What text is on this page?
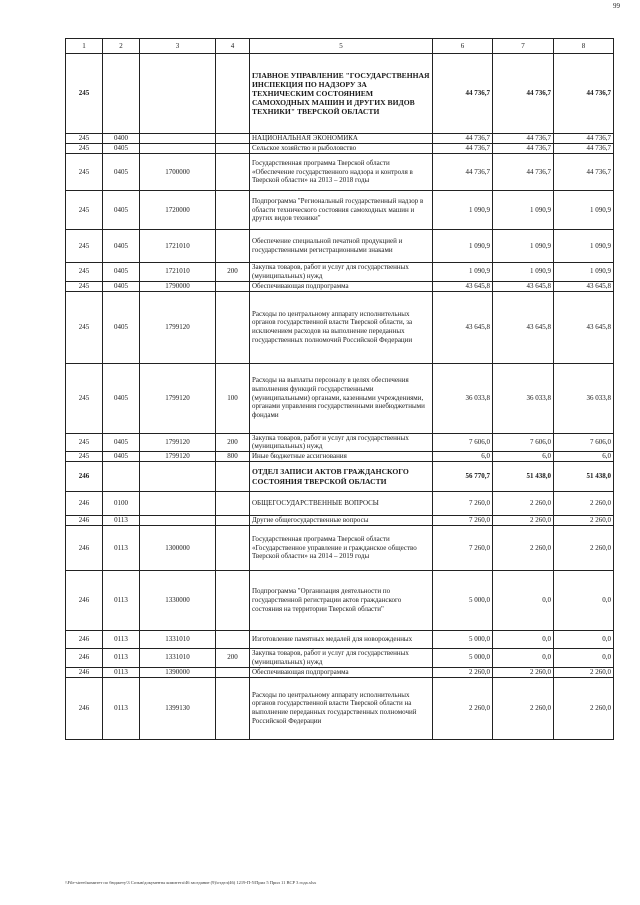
99
1	2	3	4	5	6	7	8
245				ГЛАВНОЕ УПРАВЛЕНИЕ "ГОСУДАРСТВЕННАЯ ИНСПЕКЦИЯ ПО НАДЗОРУ ЗА ТЕХНИЧЕСКИМ СОСТОЯНИЕМ САМОХОДНЫХ МАШИН И ДРУГИХ ВИДОВ ТЕХНИКИ" ТВЕРСКОЙ ОБЛАСТИ	44 736,7	44 736,7	44 736,7
245	0400			НАЦИОНАЛЬНАЯ ЭКОНОМИКА	44 736,7	44 736,7	44 736,7
245	0405			Сельское хозяйство и рыболовство	44 736,7	44 736,7	44 736,7
245	0405	1700000		Государственная программа Тверской области «Обеспечение государственного надзора и контроля в Тверской области» на 2013 – 2018 годы	44 736,7	44 736,7	44 736,7
245	0405	1720000		Подпрограмма "Региональный государственный надзор в области технического состояния самоходных машин и других видов техники"	1 090,9	1 090,9	1 090,9
245	0405	1721010		Обеспечение специальной печатной продукцией и государственными регистрационными знаками	1 090,9	1 090,9	1 090,9
245	0405	1721010	200	Закупка товаров, работ и услуг для государственных (муниципальных) нужд	1 090,9	1 090,9	1 090,9
245	0405	1790000		Обеспечивающая подпрограмма	43 645,8	43 645,8	43 645,8
245	0405	1799120		Расходы по центральному аппарату исполнительных органов государственной власти Тверской области, за исключением расходов на выполнение переданных государственных полномочий Российской Федерации	43 645,8	43 645,8	43 645,8
245	0405	1799120	100	Расходы на выплаты персоналу в целях обеспечения выполнения функций государственными (муниципальными) органами, казенными учреждениями, органами управления государственными внебюджетными фондами	36 033,8	36 033,8	36 033,8
245	0405	1799120	200	Закупка товаров, работ и услуг для государственных (муниципальных) нужд	7 606,0	7 606,0	7 606,0
245	0405	1799120	800	Иные бюджетные ассигнования	6,0	6,0	6,0
246				ОТДЕЛ ЗАПИСИ АКТОВ ГРАЖДАНСКОГО СОСТОЯНИЯ ТВЕРСКОЙ ОБЛАСТИ	56 770,7	51 438,0	51 438,0
246	0100			ОБЩЕГОСУДАРСТВЕННЫЕ ВОПРОСЫ	7 260,0	2 260,0	2 260,0
246	0113			Другие общегосударственные вопросы	7 260,0	2 260,0	2 260,0
246	0113	1300000		Государственная программа Тверской области «Государственное управление и гражданское общество Тверской области» на 2014 – 2019 годы	7 260,0	2 260,0	2 260,0
246	0113	1330000		Подпрограмма "Организация деятельности по государственной регистрации актов гражданского состояния на территории Тверской области"	5 000,0	0,0	0,0
246	0113	1331010		Изготовление памятных медалей для новорожденных	5 000,0	0,0	0,0
246	0113	1331010	200	Закупка товаров, работ и услуг для государственных (муниципальных) нужд	5 000,0	0,0	0,0
246	0113	1390000		Обеспечивающая подпрограмма	2 260,0	2 260,0	2 260,0
246	0113	1399130		Расходы по центральному аппарату исполнительных органов государственной власти Тверской области на выполнение переданных государственных полномочий Российской Федерации	2 260,0	2 260,0	2 260,0
\\File-street\комитет по бюджету\3 Созыв\документы комитета\46 заседание (9)\отдел(46) 1219-П-5\Прил 5 Прил 11 ВСР 3 года.xlsx
